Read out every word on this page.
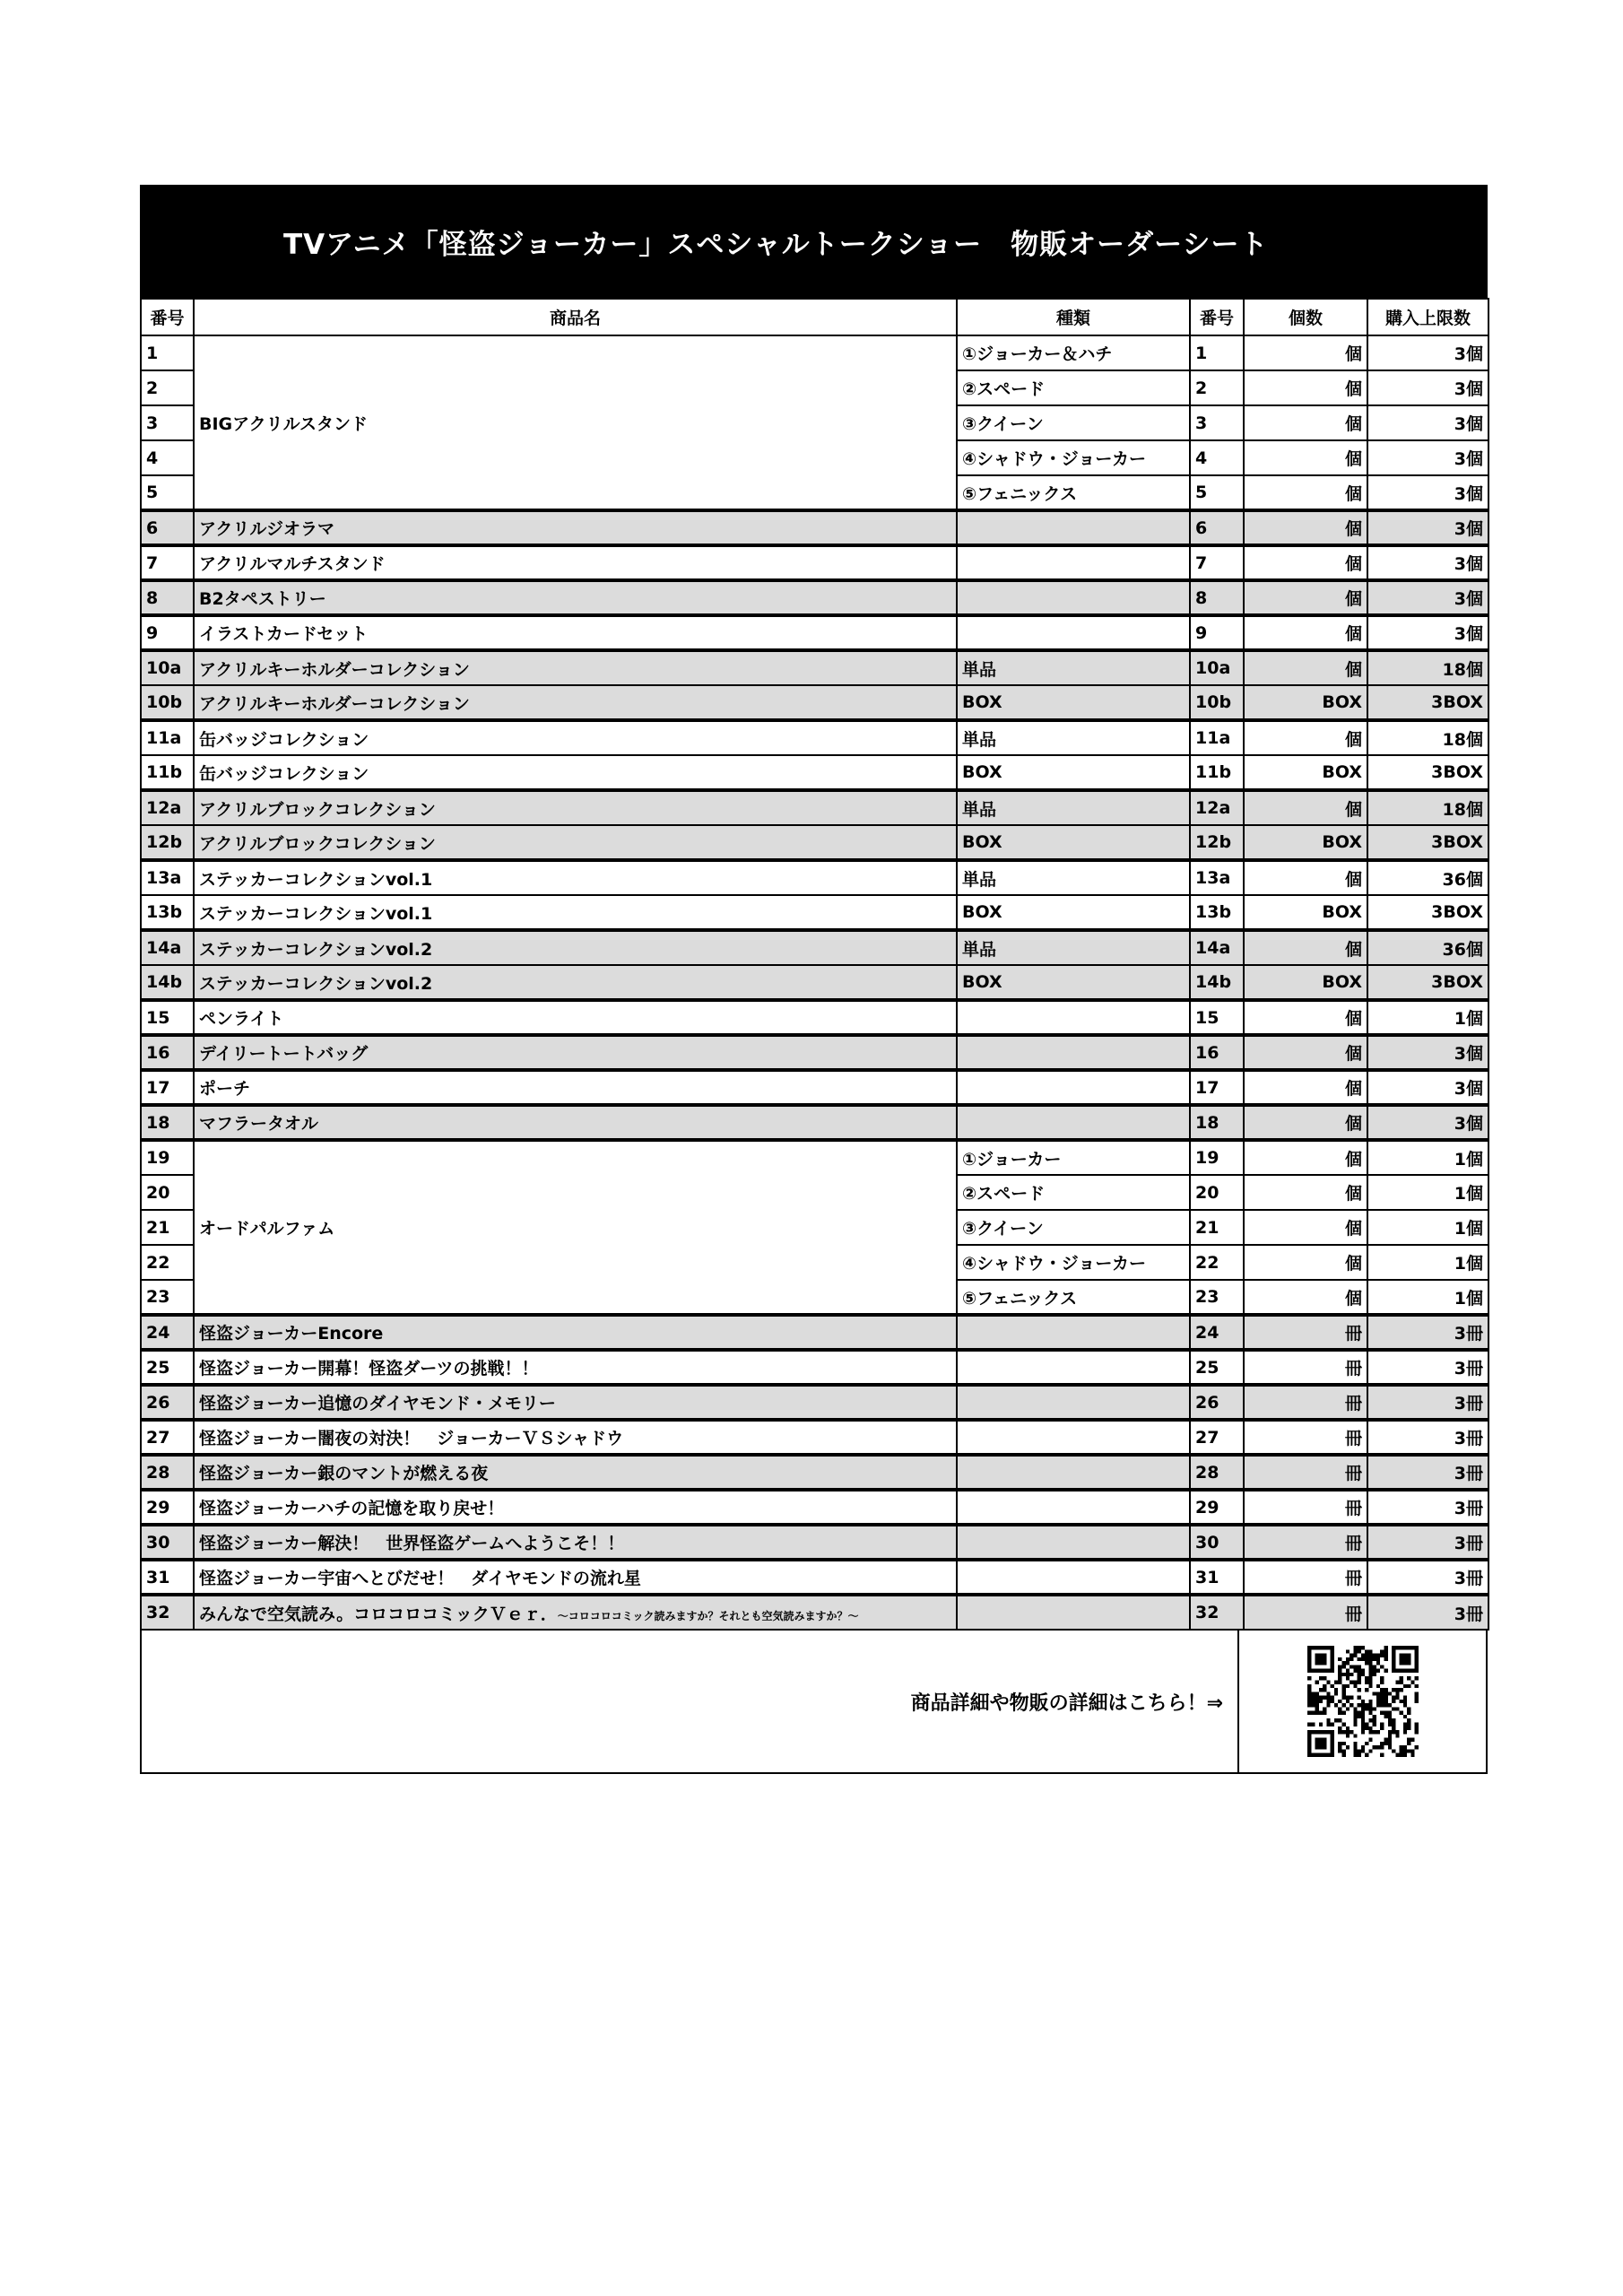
TVアニメ「怪盗ジョーカー」スペシャルトークショー　物販オーダーシート
番号	商品名	種類	番号	個数	購入上限数
1	BIGアクリルスタンド	①ジョーカー＆ハチ	1	個	3個
2		②スペード	2	個	3個
3		③クイーン	3	個	3個
4		④シャドウ・ジョーカー	4	個	3個
5		⑤フェニックス	5	個	3個
6	アクリルジオラマ		6	個	3個
7	アクリルマルチスタンド		7	個	3個
8	B2タペストリー		8	個	3個
9	イラストカードセット		9	個	3個
10a	アクリルキーホルダーコレクション	単品	10a	個	18個
10b	アクリルキーホルダーコレクション	BOX	10b	BOX	3BOX
11a	缶バッジコレクション	単品	11a	個	18個
11b	缶バッジコレクション	BOX	11b	BOX	3BOX
12a	アクリルブロックコレクション	単品	12a	個	18個
12b	アクリルブロックコレクション	BOX	12b	BOX	3BOX
13a	ステッカーコレクションvol.1	単品	13a	個	36個
13b	ステッカーコレクションvol.1	BOX	13b	BOX	3BOX
14a	ステッカーコレクションvol.2	単品	14a	個	36個
14b	ステッカーコレクションvol.2	BOX	14b	BOX	3BOX
15	ペンライト		15	個	1個
16	デイリートートバッグ		16	個	3個
17	ポーチ		17	個	3個
18	マフラータオル		18	個	3個
19	オードパルファム	①ジョーカー	19	個	1個
20		②スペード	20	個	1個
21		③クイーン	21	個	1個
22		④シャドウ・ジョーカー	22	個	1個
23		⑤フェニックス	23	個	1個
24	怪盗ジョーカーEncore		24	冊	3冊
25	怪盗ジョーカー開幕！怪盗ダーツの挑戦！！		25	冊	3冊
26	怪盗ジョーカー追憶のダイヤモンド・メモリー		26	冊	3冊
27	怪盗ジョーカー闇夜の対決！　ジョーカーＶＳシャドウ		27	冊	3冊
28	怪盗ジョーカー銀のマントが燃える夜		28	冊	3冊
29	怪盗ジョーカーハチの記憶を取り戻せ！		29	冊	3冊
30	怪盗ジョーカー解決！　世界怪盗ゲームへようこそ！！		30	冊	3冊
31	怪盗ジョーカー宇宙へとびだせ！　ダイヤモンドの流れ星		31	冊	3冊
32	みんなで空気読み。コロコロコミックＶｅｒ．～コロコロコミック読みますか？それとも空気読みますか？～		32	冊	3冊
商品詳細や物販の詳細はこちら！⇒
